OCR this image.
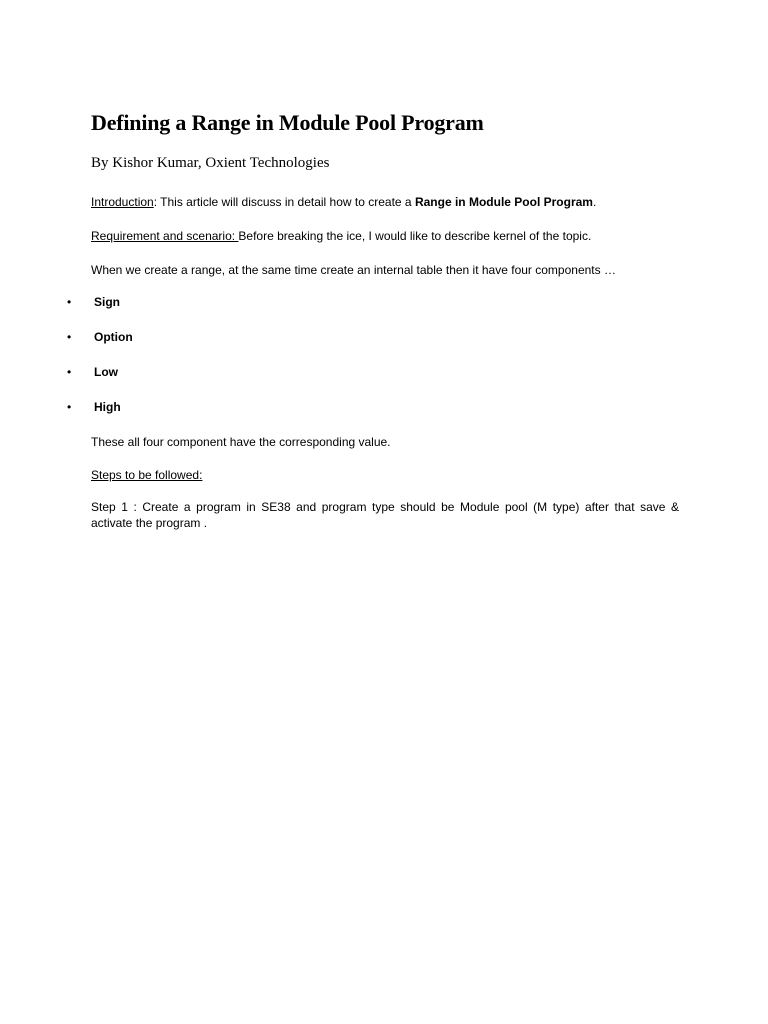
Defining a Range in Module Pool Program

By Kishor Kumar, Oxient Technologies

Introduction: This article will discuss in detail how to create a Range in Module Pool Program.

Requirement and scenario: Before breaking the ice, I would like to describe kernel of the topic.

When we create a range, at the same time create an internal table then it have four components …

• Sign
• Option
• Low
• High

These all four component have the corresponding value.

Steps to be followed:

Step 1 : Create a program in SE38 and program type should be Module pool (M type) after that save & activate the program .
